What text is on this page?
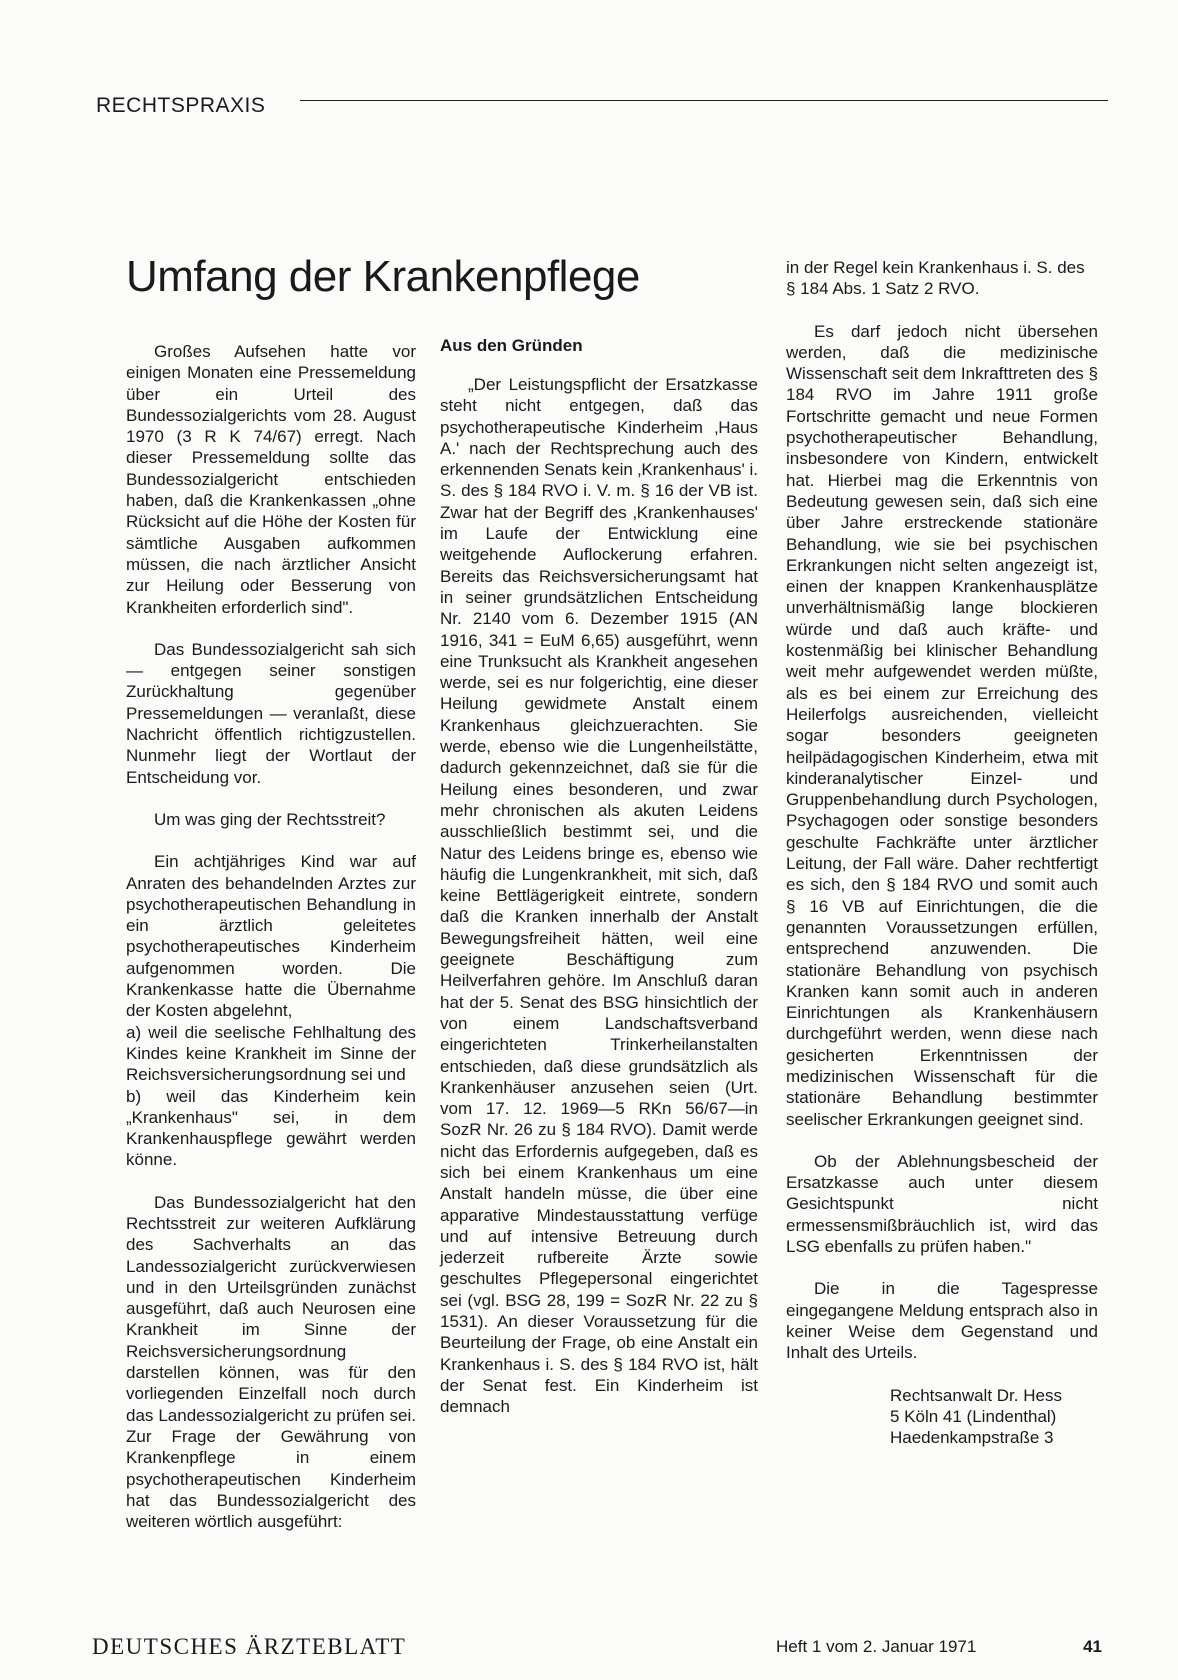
RECHTSPRAXIS
Umfang der Krankenpflege

Großes Aufsehen hatte vor einigen Monaten eine Pressemeldung über ein Urteil des Bundessozialgerichts vom 28. August 1970 (3 R K 74/67) erregt. Nach dieser Pressemeldung sollte das Bundessozialgericht entschieden haben, daß die Krankenkassen „ohne Rücksicht auf die Höhe der Kosten für sämtliche Ausgaben aufkommen müssen, die nach ärztlicher Ansicht zur Heilung oder Besserung von Krankheiten erforderlich sind".

Das Bundessozialgericht sah sich — entgegen seiner sonstigen Zurückhaltung gegenüber Pressemeldungen — veranlaßt, diese Nachricht öffentlich richtigzustellen. Nunmehr liegt der Wortlaut der Entscheidung vor.

Um was ging der Rechtsstreit?

Ein achtjähriges Kind war auf Anraten des behandelnden Arztes zur psychotherapeutischen Behandlung in ein ärztlich geleitetes psychotherapeutisches Kinderheim aufgenommen worden. Die Krankenkasse hatte die Übernahme der Kosten abgelehnt,

a) weil die seelische Fehlhaltung des Kindes keine Krankheit im Sinne der Reichsversicherungsordnung sei und

b) weil das Kinderheim kein „Krankenhaus" sei, in dem Krankenhauspflege gewährt werden könne.

Das Bundessozialgericht hat den Rechtsstreit zur weiteren Aufklärung des Sachverhalts an das Landessozialgericht zurückverwiesen und in den Urteilsgründen zunächst ausgeführt, daß auch Neurosen eine Krankheit im Sinne der Reichsversicherungsordnung darstellen können, was für den vorliegenden Einzelfall noch durch das Landessozialgericht zu prüfen sei. Zur Frage der Gewährung von Krankenpflege in einem psychotherapeutischen Kinderheim hat das Bundessozialgericht des weiteren wörtlich ausgeführt:

Aus den Gründen

„Der Leistungspflicht der Ersatzkasse steht nicht entgegen, daß das psychotherapeutische Kinderheim ‚Haus A.' nach der Rechtsprechung auch des erkennenden Senats kein ‚Krankenhaus' i. S. des § 184 RVO i. V. m. § 16 der VB ist. Zwar hat der Begriff des ‚Krankenhauses' im Laufe der Entwicklung eine weitgehende Auflockerung erfahren. Bereits das Reichsversicherungsamt hat in seiner grundsätzlichen Entscheidung Nr. 2140 vom 6. Dezember 1915 (AN 1916, 341 = EuM 6,65) ausgeführt, wenn eine Trunksucht als Krankheit angesehen werde, sei es nur folgerichtig, eine dieser Heilung gewidmete Anstalt einem Krankenhaus gleichzuerachten. Sie werde, ebenso wie die Lungenheilstätte, dadurch gekennzeichnet, daß sie für die Heilung eines besonderen, und zwar mehr chronischen als akuten Leidens ausschließlich bestimmt sei, und die Natur des Leidens bringe es, ebenso wie häufig die Lungenkrankheit, mit sich, daß keine Bettlägerigkeit eintrete, sondern daß die Kranken innerhalb der Anstalt Bewegungsfreiheit hätten, weil eine geeignete Beschäftigung zum Heilverfahren gehöre. Im Anschluß daran hat der 5. Senat des BSG hinsichtlich der von einem Landschaftsverband eingerichteten Trinkerheilanstalten entschieden, daß diese grundsätzlich als Krankenhäuser anzusehen seien (Urt. vom 17. 12. 1969—5 RKn 56/67—in SozR Nr. 26 zu § 184 RVO). Damit werde nicht das Erfordernis aufgegeben, daß es sich bei einem Krankenhaus um eine Anstalt handeln müsse, die über eine apparative Mindestausstattung verfüge und auf intensive Betreuung durch jederzeit rufbereite Ärzte sowie geschultes Pflegepersonal eingerichtet sei (vgl. BSG 28, 199 = SozR Nr. 22 zu § 1531). An dieser Voraussetzung für die Beurteilung der Frage, ob eine Anstalt ein Krankenhaus i. S. des § 184 RVO ist, hält der Senat fest. Ein Kinderheim ist demnach

in der Regel kein Krankenhaus i. S. des § 184 Abs. 1 Satz 2 RVO.

Es darf jedoch nicht übersehen werden, daß die medizinische Wissenschaft seit dem Inkrafttreten des § 184 RVO im Jahre 1911 große Fortschritte gemacht und neue Formen psychotherapeutischer Behandlung, insbesondere von Kindern, entwickelt hat. Hierbei mag die Erkenntnis von Bedeutung gewesen sein, daß sich eine über Jahre erstreckende stationäre Behandlung, wie sie bei psychischen Erkrankungen nicht selten angezeigt ist, einen der knappen Krankenhausplätze unverhältnismäßig lange blockieren würde und daß auch kräfte- und kostenmäßig bei klinischer Behandlung weit mehr aufgewendet werden müßte, als es bei einem zur Erreichung des Heilerfolgs ausreichenden, vielleicht sogar besonders geeigneten heilpädagogischen Kinderheim, etwa mit kinderanalytischer Einzel- und Gruppenbehandlung durch Psychologen, Psychagogen oder sonstige besonders geschulte Fachkräfte unter ärztlicher Leitung, der Fall wäre. Daher rechtfertigt es sich, den § 184 RVO und somit auch § 16 VB auf Einrichtungen, die die genannten Voraussetzungen erfüllen, entsprechend anzuwenden. Die stationäre Behandlung von psychisch Kranken kann somit auch in anderen Einrichtungen als Krankenhäusern durchgeführt werden, wenn diese nach gesicherten Erkenntnissen der medizinischen Wissenschaft für die stationäre Behandlung bestimmter seelischer Erkrankungen geeignet sind.

Ob der Ablehnungsbescheid der Ersatzkasse auch unter diesem Gesichtspunkt nicht ermessensmißbräuchlich ist, wird das LSG ebenfalls zu prüfen haben."

Die in die Tagespresse eingegangene Meldung entsprach also in keiner Weise dem Gegenstand und Inhalt des Urteils.

Rechtsanwalt Dr. Hess
5 Köln 41 (Lindenthal)
Haedenkampstraße 3

DEUTSCHES ÄRZTEBLATT	Heft 1 vom 2. Januar 1971	41
